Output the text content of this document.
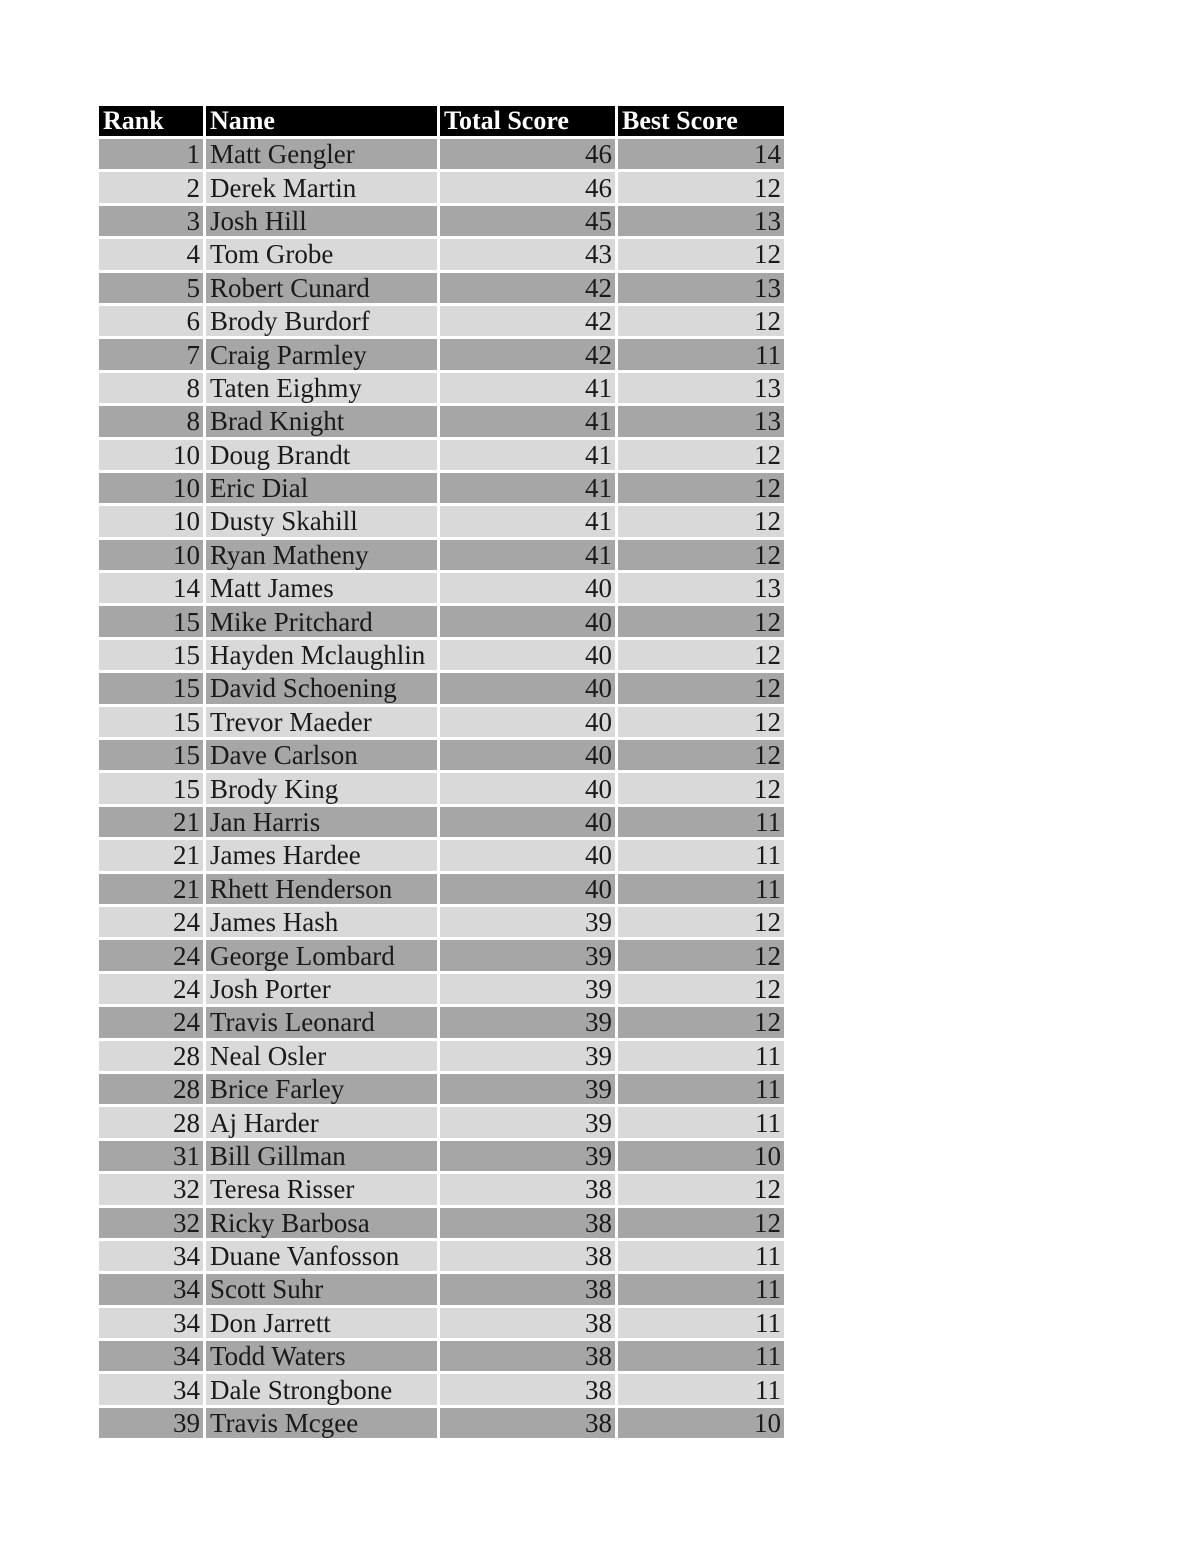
Rank	Name	Total Score	Best Score
1	Matt Gengler	46	14
2	Derek Martin	46	12
3	Josh Hill	45	13
4	Tom Grobe	43	12
5	Robert Cunard	42	13
6	Brody Burdorf	42	12
7	Craig Parmley	42	11
8	Taten Eighmy	41	13
8	Brad Knight	41	13
10	Doug Brandt	41	12
10	Eric Dial	41	12
10	Dusty Skahill	41	12
10	Ryan Matheny	41	12
14	Matt James	40	13
15	Mike Pritchard	40	12
15	Hayden Mclaughlin	40	12
15	David Schoening	40	12
15	Trevor Maeder	40	12
15	Dave Carlson	40	12
15	Brody King	40	12
21	Jan Harris	40	11
21	James Hardee	40	11
21	Rhett Henderson	40	11
24	James Hash	39	12
24	George Lombard	39	12
24	Josh Porter	39	12
24	Travis Leonard	39	12
28	Neal Osler	39	11
28	Brice Farley	39	11
28	Aj Harder	39	11
31	Bill Gillman	39	10
32	Teresa Risser	38	12
32	Ricky Barbosa	38	12
34	Duane Vanfosson	38	11
34	Scott Suhr	38	11
34	Don Jarrett	38	11
34	Todd Waters	38	11
34	Dale Strongbone	38	11
39	Travis Mcgee	38	10
